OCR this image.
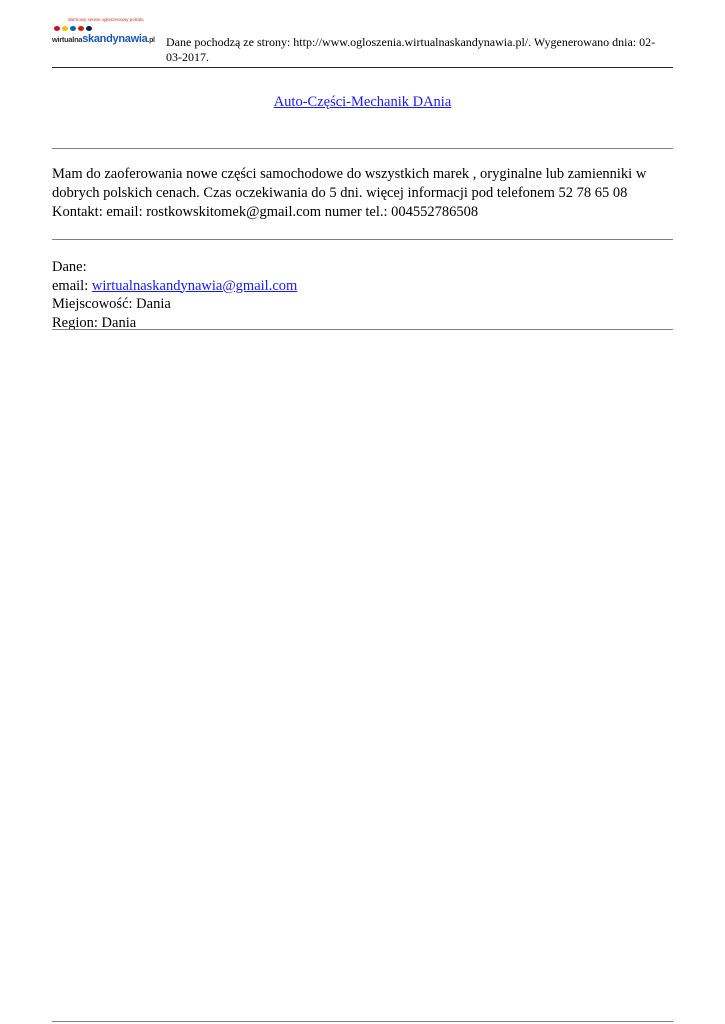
darmowy serwis ogłoszeniowy portalu
wirtualnaskandynawia.pl Dane pochodzą ze strony: http://www.ogloszenia.wirtualnaskandynawia.pl/. Wygenerowano dnia: 02-03-2017.
Auto-Części-Mechanik DAnia
Mam do zaoferowania nowe części samochodowe do wszystkich marek , oryginalne lub zamienniki w dobrych polskich cenach. Czas oczekiwania do 5 dni. więcej informacji pod telefonem 52 78 65 08 Kontakt: email: rostkowskitomek@gmail.com numer tel.: 004552786508
Dane:
email: wirtualnaskandynawia@gmail.com
Miejscowość: Dania
Region: Dania
